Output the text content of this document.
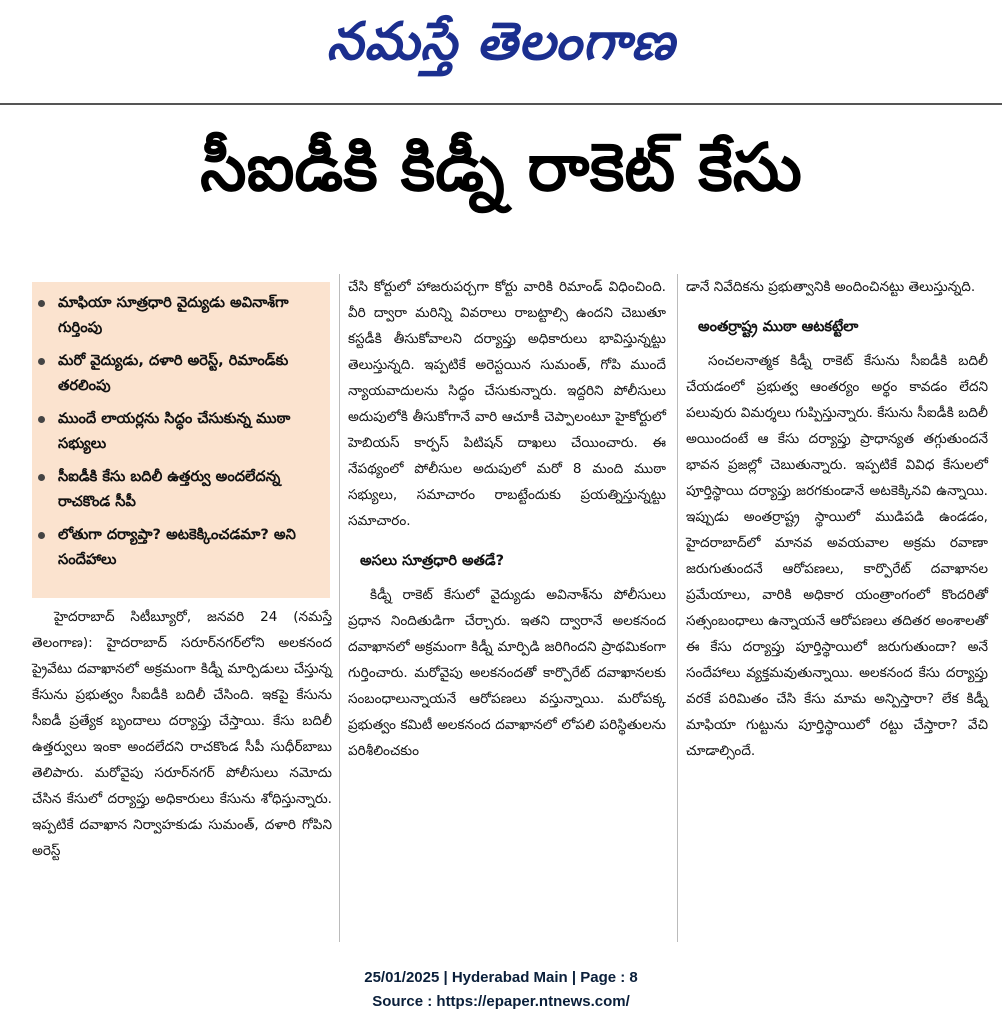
నమస్తే తెలంగాణ
సీఐడీకి కిడ్నీ రాకెట్ కేసు
మాఫియా సూత్రధారి వైద్యుడు అవినాశ్‌గా గుర్తింపు
మరో వైద్యుడు, దళారి అరెస్ట్, రిమాండ్‌కు తరలింపు
ముందే లాయర్లను సిద్ధం చేసుకున్న ముఠా సభ్యులు
సీఐడీకి కేసు బదిలీ ఉత్తర్వు అందలేదన్న రాచకొండ సీపీ
లోతుగా దర్యాప్తా? అటకెక్కించడమా? అని సందేహాలు

హైదరాబాద్ సిటీబ్యూరో, జనవరి 24 (నమస్తే తెలంగాణ): హైదరాబాద్ సరూర్‌నగర్‌లోని అలకనంద ప్రైవేటు దవాఖానలో అక్రమంగా కిడ్నీ మార్పిడులు చేస్తున్న కేసును ప్రభుత్వం సీఐడీకి బదిలీ చేసింది. ఇకపై కేసును సీఐడీ ప్రత్యేక బృందాలు దర్యాప్తు చేస్తాయి. కేసు బదిలీ ఉత్తర్వులు ఇంకా అందలేదని రాచకొండ సీపీ సుధీర్‌బాబు తెలిపారు. మరోవైపు సరూర్‌నగర్ పోలీసులు నమోదు చేసిన కేసులో దర్యాప్తు అధికారులు కేసును శోధిస్తున్నారు. ఇప్పటికే దవాఖాన నిర్వాహకుడు సుమంత్, దళారి గోపిని అరెస్ట్

చేసి కోర్టులో హాజరుపర్చగా కోర్టు వారికి రిమాండ్ విధించింది. వీరి ద్వారా మరిన్ని వివరాలు రాబట్టాల్సి ఉందని చెబుతూ కస్టడీకి తీసుకోవాలని దర్యాప్తు అధికారులు భావిస్తున్నట్టు తెలుస్తున్నది. ఇప్పటికే అరెస్టయిన సుమంత్, గోపి ముందే న్యాయవాదులను సిద్ధం చేసుకున్నారు. ఇద్దరిని పోలీసులు అదుపులోకి తీసుకోగానే వారి ఆచూకీ చెప్పాలంటూ హైకోర్టులో హెబియస్ కార్పస్ పిటిషన్ దాఖలు చేయించారు. ఈ నేపథ్యంలో పోలీసుల అదుపులో మరో 8 మంది ముఠా సభ్యులు, సమాచారం రాబట్టేందుకు ప్రయత్నిస్తున్నట్టు సమాచారం.

అసలు సూత్రధారి అతడే?

కిడ్నీ రాకెట్ కేసులో వైద్యుడు అవినాశ్‌ను పోలీసులు ప్రధాన నిందితుడిగా చేర్చారు. ఇతని ద్వారానే అలకనంద దవాఖానలో అక్రమంగా కిడ్నీ మార్పిడి జరిగిందని ప్రాథమికంగా గుర్తించారు. మరోవైపు అలకనందతో కార్పొరేట్ దవాఖానలకు సంబంధాలున్నాయనే ఆరోపణలు వస్తున్నాయి. మరోపక్క ప్రభుత్వం కమిటీ అలకనంద దవాఖానలో లోపలి పరిస్థితులను పరిశీలించకుం

డానే నివేదికను ప్రభుత్వానికి అందించినట్టు తెలుస్తున్నది.

అంతర్రాష్ట్ర ముఠా ఆటకట్టేలా

సంచలనాత్మక కిడ్నీ రాకెట్ కేసును సీఐడీకి బదిలీ చేయడంలో ప్రభుత్వ ఆంతర్యం అర్థం కావడం లేదని పలువురు విమర్శలు గుప్పిస్తున్నారు. కేసును సీఐడీకి బదిలీ అయిందంటే ఆ కేసు దర్యాప్తు ప్రాధాన్యత తగ్గుతుందనే భావన ప్రజల్లో చెబుతున్నారు. ఇప్పటికే వివిధ కేసులలో పూర్తిస్థాయి దర్యాప్తు జరగకుండానే అటకెక్కినవి ఉన్నాయి. ఇప్పుడు అంతర్రాష్ట్ర స్థాయిలో ముడిపడి ఉండడం, హైదరాబాద్‌లో మానవ అవయవాల అక్రమ రవాణా జరుగుతుందనే ఆరోపణలు, కార్పొరేట్ దవాఖానల ప్రమేయాలు, వారికి అధికార యంత్రాంగంలో కొందరితో సత్సంబంధాలు ఉన్నాయనే ఆరోపణలు తదితర అంశాలతో ఈ కేసు దర్యాప్తు పూర్తిస్థాయిలో జరుగుతుందా? అనే సందేహాలు వ్యక్తమవుతున్నాయి. అలకనంద కేసు దర్యాప్తు వరకే పరిమితం చేసి కేసు మామ అన్పిస్తారా? లేక కిడ్నీ మాఫియా గుట్టును పూర్తిస్థాయిలో రట్టు చేస్తారా? వేచి చూడాల్సిందే.

25/01/2025 | Hyderabad Main | Page : 8
Source : https://epaper.ntnews.com/
